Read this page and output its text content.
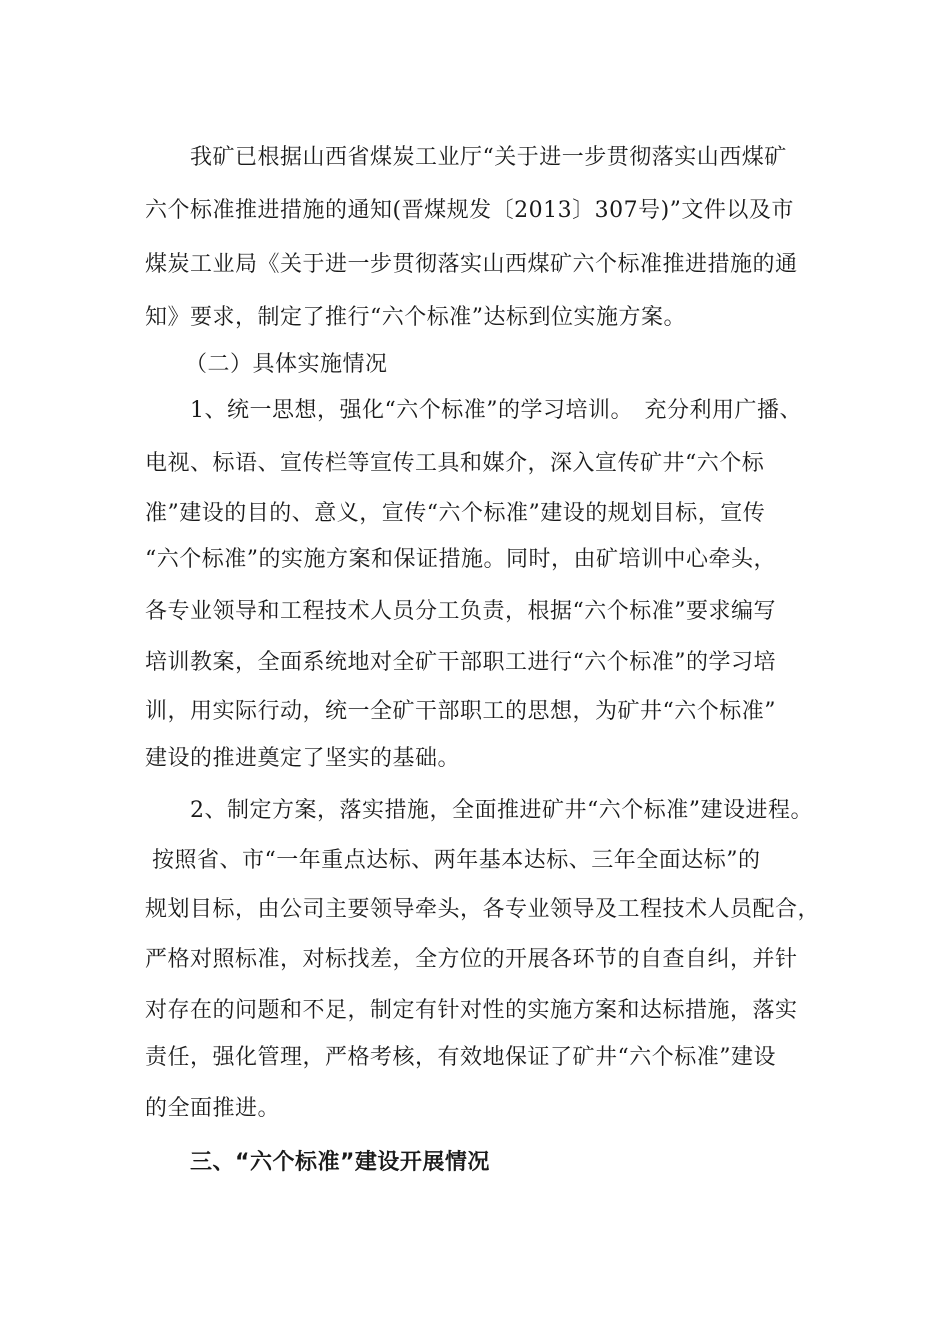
我矿已根据山西省煤炭工业厅“关于进一步贯彻落实山西煤矿
六个标准推进措施的通知(晋煤规发〔2013〕307号)”文件以及市
煤炭工业局《关于进一步贯彻落实山西煤矿六个标准推进措施的通
知》要求，制定了推行“六个标准”达标到位实施方案。
（二）具体实施情况
1、统一思想，强化“六个标准”的学习培训。　充分利用广播、
电视、标语、宣传栏等宣传工具和媒介，深入宣传矿井“六个标
准”建设的目的、意义，宣传“六个标准”建设的规划目标，宣传
“六个标准”的实施方案和保证措施。同时，由矿培训中心牵头，
各专业领导和工程技术人员分工负责，根据“六个标准”要求编写
培训教案，全面系统地对全矿干部职工进行“六个标准”的学习培
训，用实际行动，统一全矿干部职工的思想，为矿井“六个标准”
建设的推进奠定了坚实的基础。
2、制定方案，落实措施，全面推进矿井“六个标准”建设进程。
按照省、市“一年重点达标、两年基本达标、三年全面达标”的
规划目标，由公司主要领导牵头，各专业领导及工程技术人员配合，
严格对照标准，对标找差，全方位的开展各环节的自查自纠，并针
对存在的问题和不足，制定有针对性的实施方案和达标措施，落实
责任，强化管理，严格考核，有效地保证了矿井“六个标准”建设
的全面推进。
三、“六个标准”建设开展情况
